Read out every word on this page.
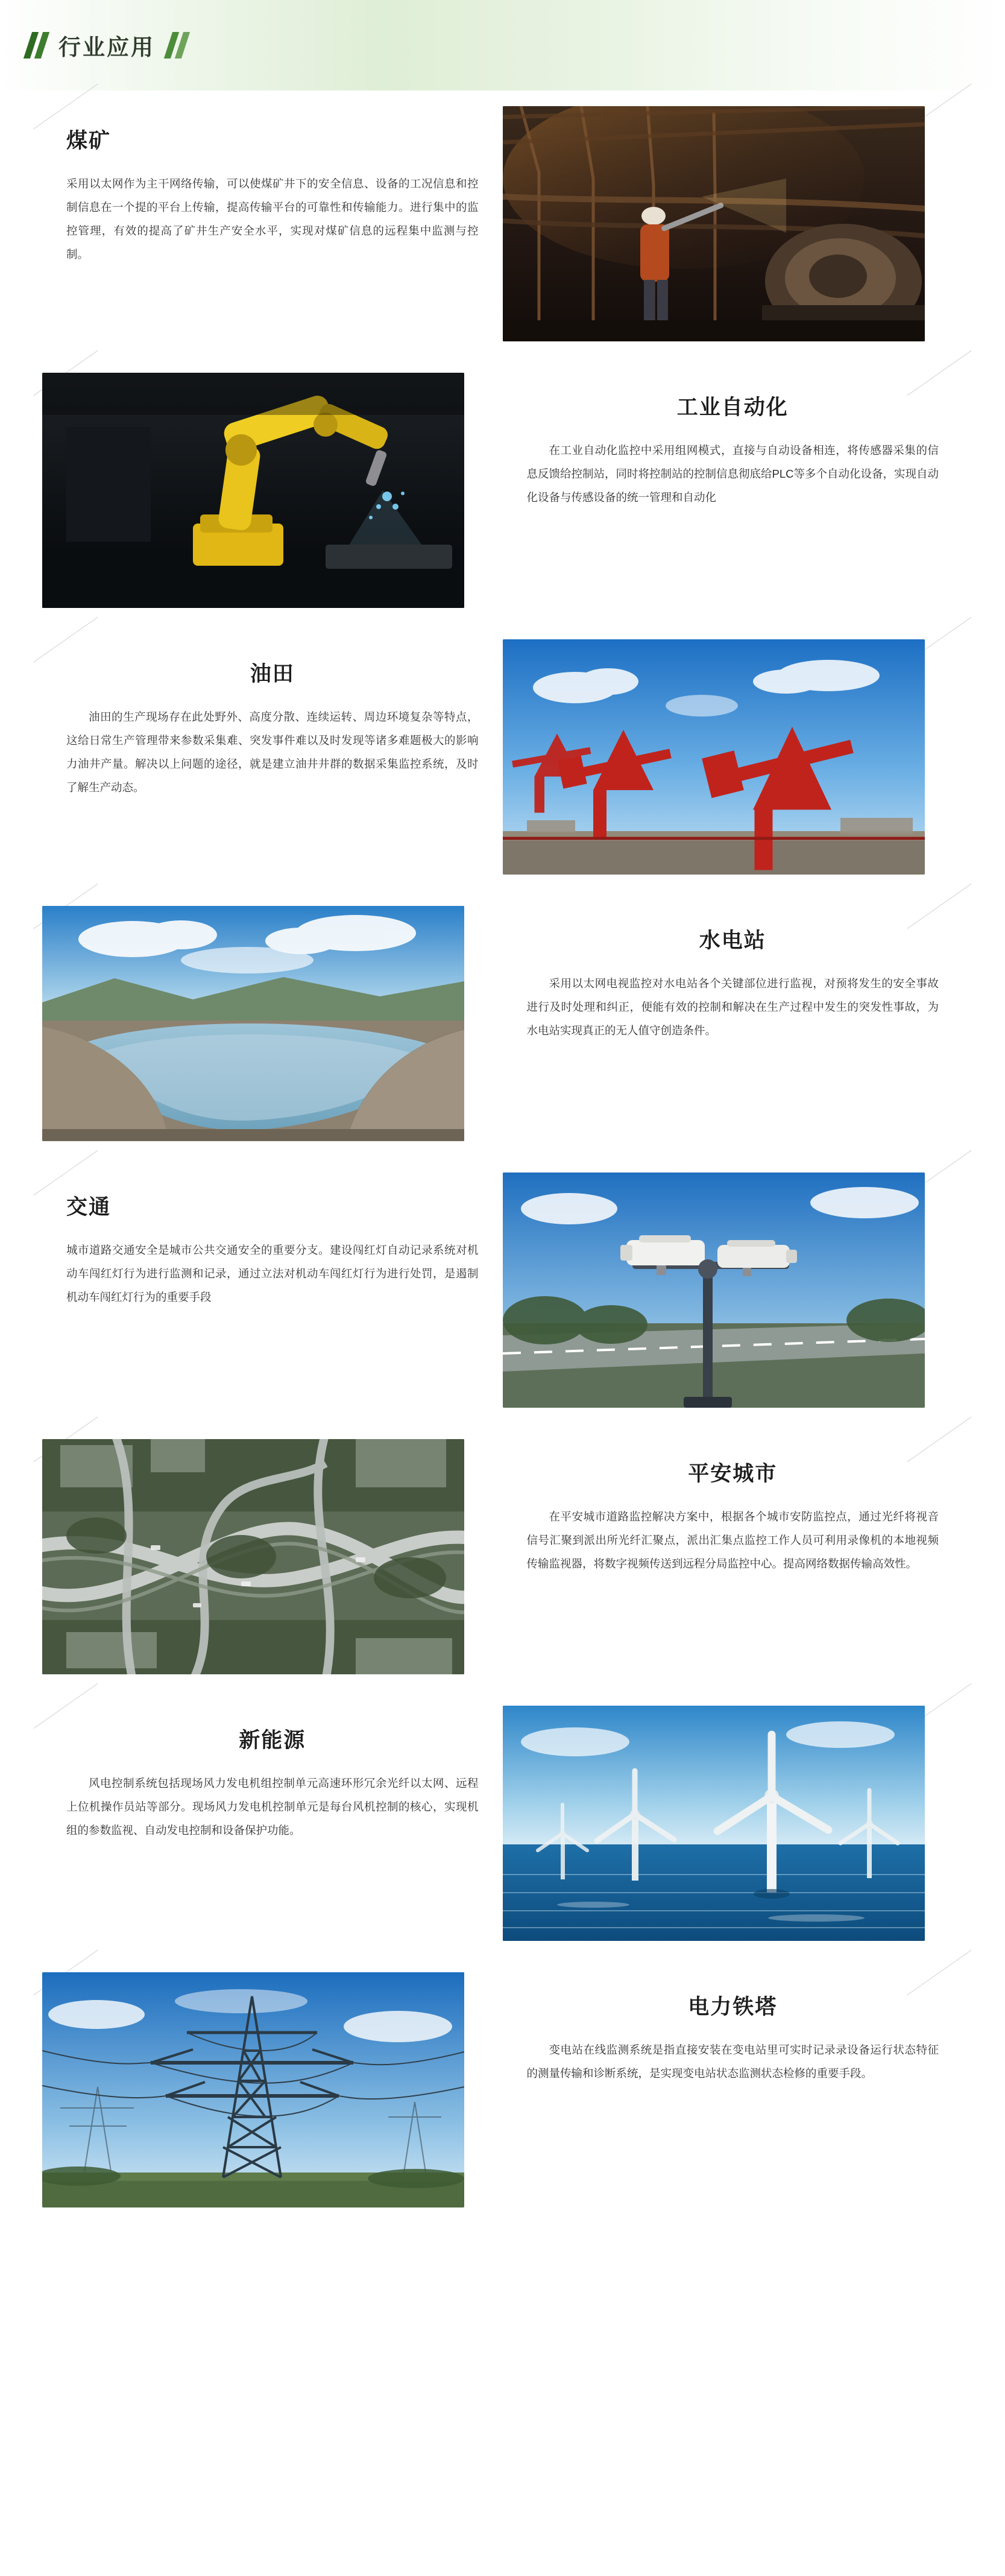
行业应用
煤矿

采用以太网作为主干网络传输，可以使煤矿井下的安全信息、设备的工况信息和控制信息在一个提的平台上传输，提高传输平台的可靠性和传输能力。进行集中的监控管理，有效的提高了矿井生产安全水平，实现对煤矿信息的远程集中监测与控制。

工业自动化

在工业自动化监控中采用组网模式，直接与自动设备相连，将传感器采集的信息反馈给控制站，同时将控制站的控制信息彻底给PLC等多个自动化设备，实现自动化设备与传感设备的统一管理和自动化

油田

油田的生产现场存在此处野外、高度分散、连续运转、周边环境复杂等特点，这给日常生产管理带来参数采集难、突发事件难以及时发现等诸多难题极大的影响力油井产量。解决以上问题的途径，就是建立油井井群的数据采集监控系统，及时了解生产动态。

水电站

采用以太网电视监控对水电站各个关键部位进行监视，对预将发生的安全事故进行及时处理和纠正，便能有效的控制和解决在生产过程中发生的突发性事故，为水电站实现真正的无人值守创造条件。

交通

城市道路交通安全是城市公共交通安全的重要分支。建设闯红灯自动记录系统对机动车闯红灯行为进行监测和记录，通过立法对机动车闯红灯行为进行处罚，是遏制机动车闯红灯行为的重要手段

平安城市

在平安城市道路监控解决方案中，根据各个城市安防监控点，通过光纤将视音信号汇聚到派出所光纤汇聚点，派出汇集点监控工作人员可利用录像机的本地视频传输监视器，将数字视频传送到远程分局监控中心。提高网络数据传输高效性。

新能源

风电控制系统包括现场风力发电机组控制单元高速环形冗余光纤以太网、远程上位机操作员站等部分。现场风力发电机控制单元是每台风机控制的核心，实现机组的参数监视、自动发电控制和设备保护功能。

电力铁塔

变电站在线监测系统是指直接安装在变电站里可实时记录录设备运行状态特征的测量传输和诊断系统，是实现变电站状态监测状态检修的重要手段。
